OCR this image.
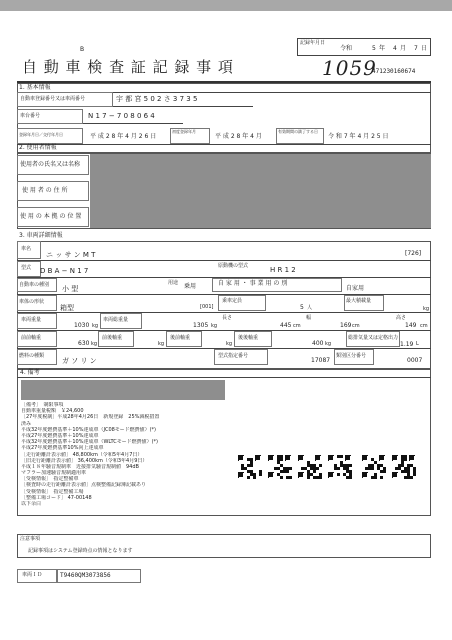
B
自 動 車 検 査 証 記 録 事 項
記録年月日
令和	5 年 4 月 7 日
1059
471230160674
1. 基本情報
自動車登録番号又は車両番号	宇 都 宮 5 0 2 さ 3 7 3 5
車台番号	N 1 7 − 7 0 8 0 6 4
登録年月日／交付年月日	平 成 2 8 年 4 月 2 6 日
初度登録年月
平 成 2 8 年 4 月
有効期間の満了する日
令 和 7 年 4 月 2 5 日
2. 使用者情報
使用者の氏名又は名称
使 用 者 の 住 所
使 用 の 本 拠 の 位 置
3. 車両詳細情報
車名
ニ ッ サ ン M T	[726]
型式 D B A − N 1 7
原動機の型式	H R 1 2
自動車の種別 小 型
用途 乗用	自 家 用 ・ 事 業 用 の 別
自家用
車体の形状
箱型	[001]
乗車定員
5 人
最大積載量
kg
車両重量
1030 kg
車両総重量
1305 kg
長さ
445 cm
幅
169 cm
高さ
149 cm
前前軸重
630 kg
前後軸重
kg
後前軸重
kg
後後軸重
400 kg
総排気量又は定格出力
1.19 L
燃料の種類
ガ ソ リ ン
型式指定番号
17087
類別区分番号
0007
4. 備考
［備考］　制限事項
自動車重量税額　￥24,600
［27年度税制］平成28年4月26日　新規登録　25%減税措置
済み
平成32年度燃費基準＋10%達成車（JC08モード燃費値）(*)
平成27年度燃費基準＋10%達成車
平成32年度燃費基準＋10%達成車（WLTCモード燃費値）(*)
平成27年度燃費基準10%向上達成車
［走行距離計表示値］ 48,800km（令和5年4月7日）
［旧走行距離計表示値］ 36,400km（令和3年4月9日）
平成１８年騒音規制車　近接排気騒音規制値　94dB
マフラー加速騒音規制適用車
［受検情報］　指定整備車
［検査時の走行距離計表示値］点検整備記録簿記載あり
［受検情報］　指定整備工場
［整備工場コード］ 47-00148
以下余白
注意事項
記録事項はシステム登録時点の情報となります
車両ＩＤ	T9460QM3073856
